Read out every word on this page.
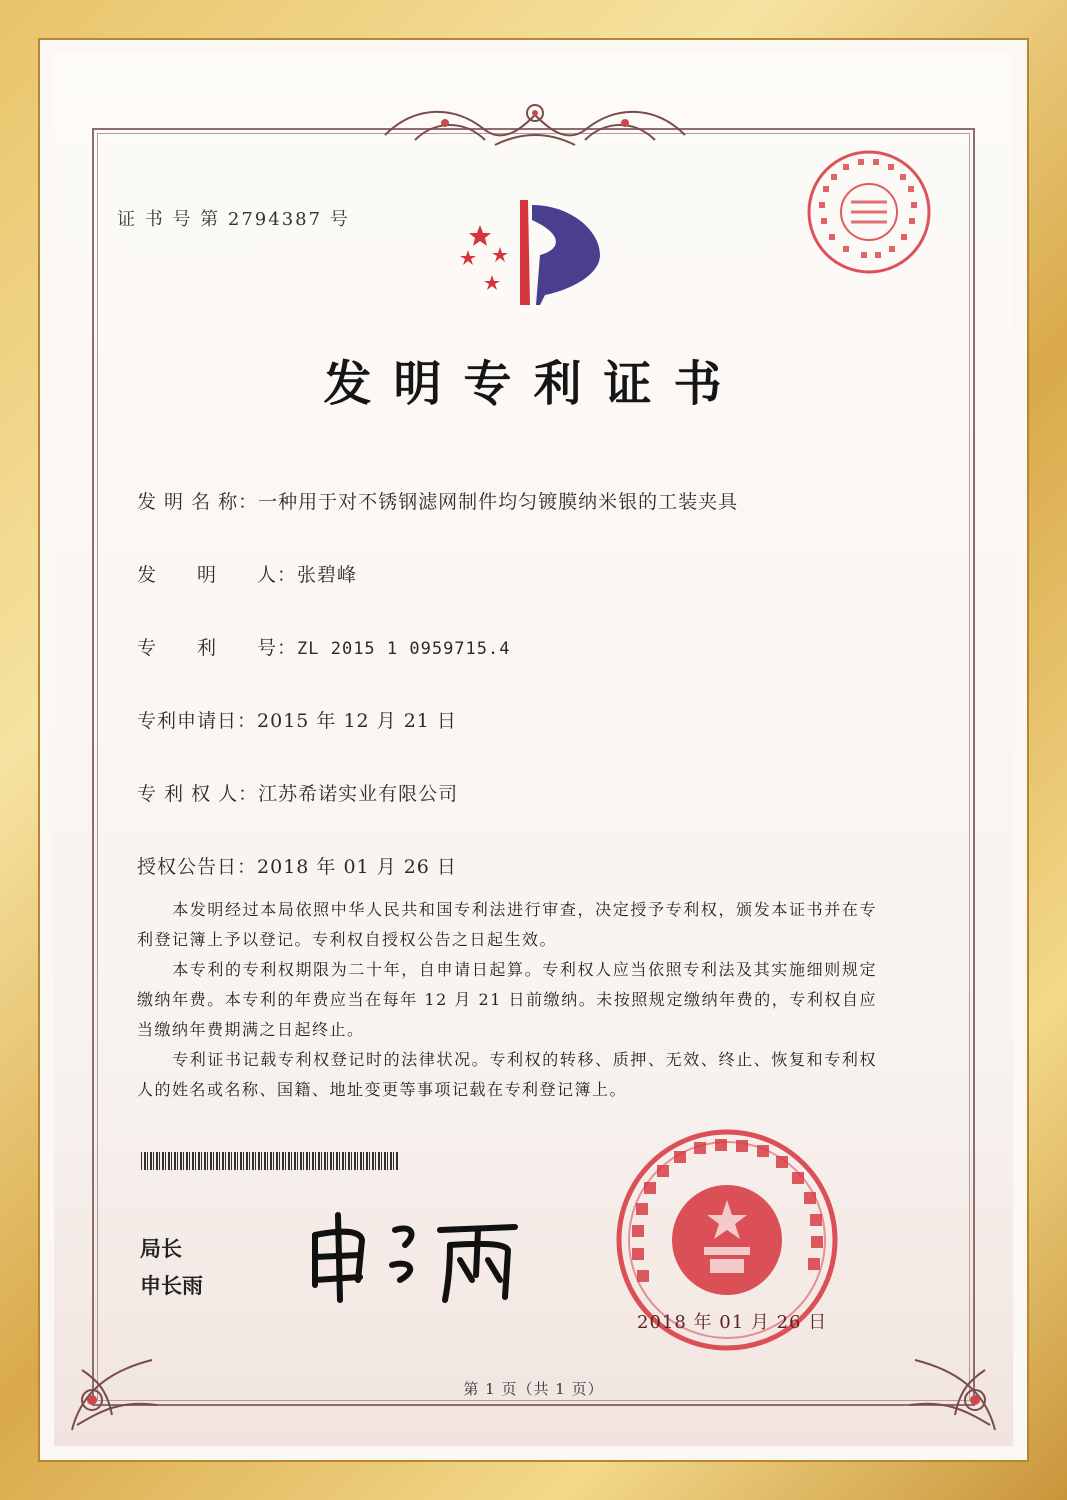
证 书 号 第 2794387 号
发明专利证书
发 明 名 称：一种用于对不锈钢滤网制件均匀镀膜纳米银的工装夹具
发　　明　　人：张碧峰
专　　利　　号：ZL 2015 1 0959715.4
专利申请日：2015 年 12 月 21 日
专 利 权 人：江苏希诺实业有限公司
授权公告日：2018 年 01 月 26 日

本发明经过本局依照中华人民共和国专利法进行审查，决定授予专利权，颁发本证书并在专利登记簿上予以登记。专利权自授权公告之日起生效。

本专利的专利权期限为二十年，自申请日起算。专利权人应当依照专利法及其实施细则规定缴纳年费。本专利的年费应当在每年 12 月 21 日前缴纳。未按照规定缴纳年费的，专利权自应当缴纳年费期满之日起终止。

专利证书记载专利权登记时的法律状况。专利权的转移、质押、无效、终止、恢复和专利权人的姓名或名称、国籍、地址变更等事项记载在专利登记簿上。

局长
申长雨
2018 年 01 月 26 日
第 1 页（共 1 页）
